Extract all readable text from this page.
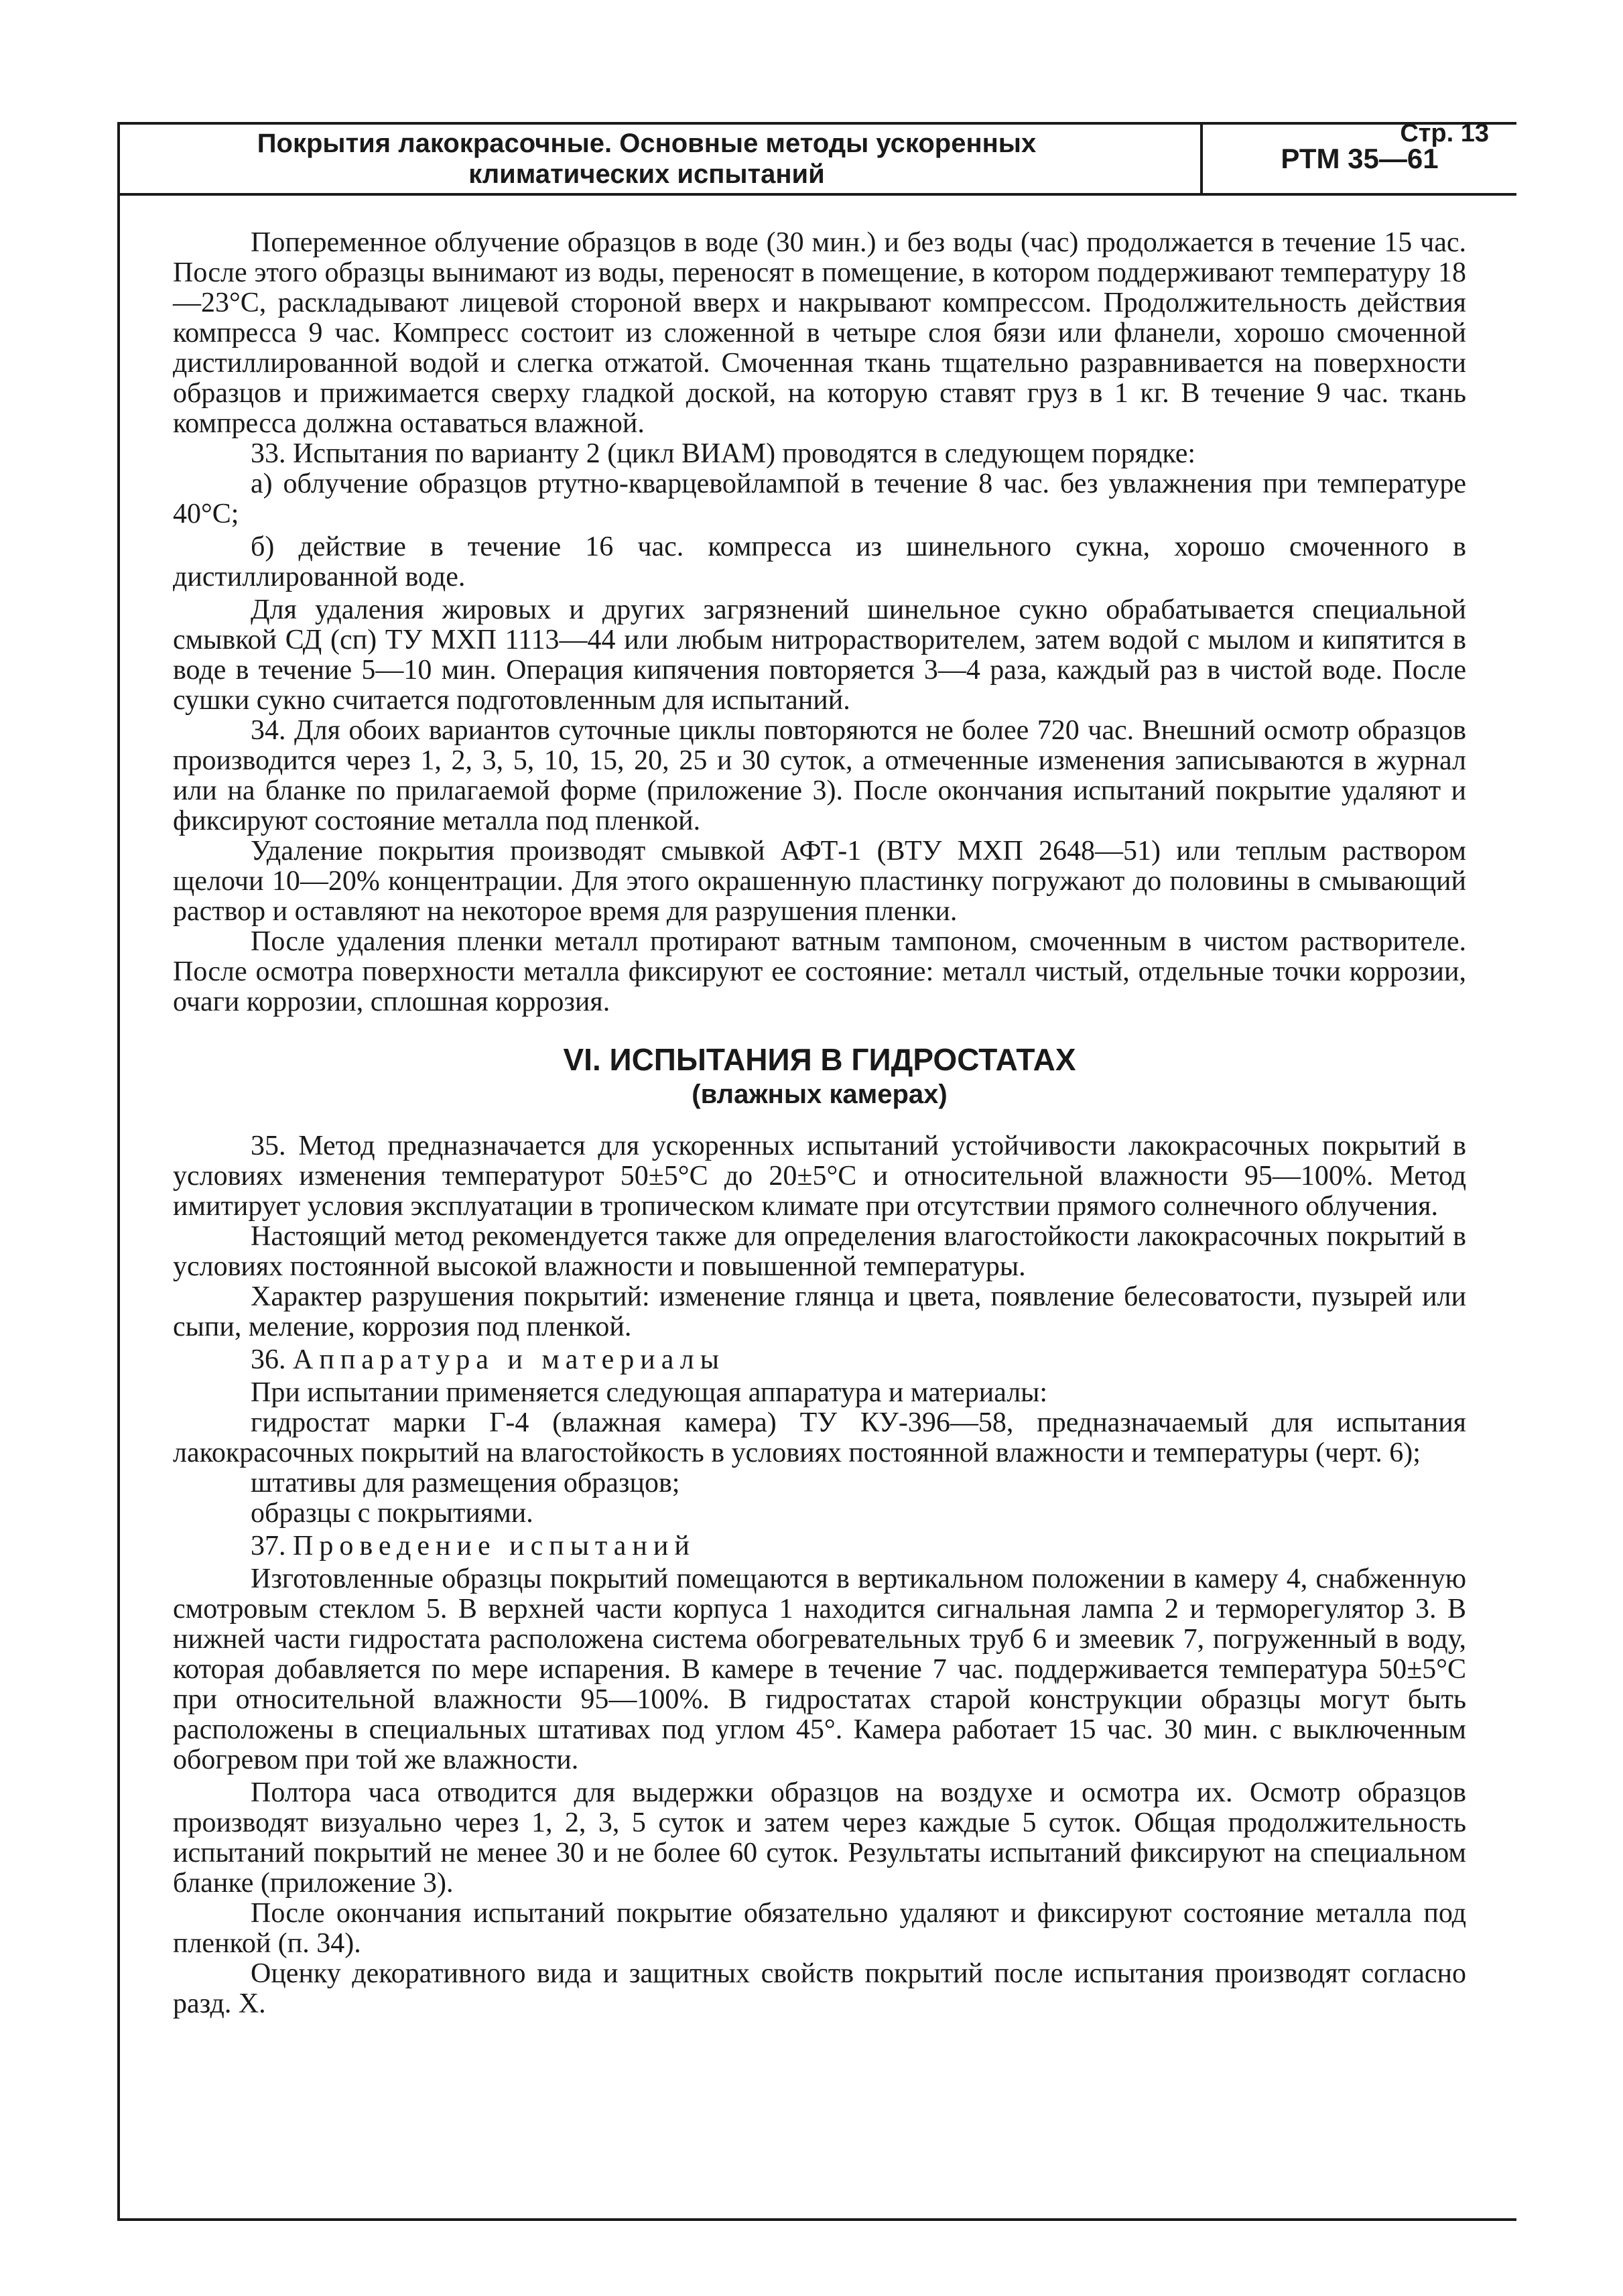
Стр. 13
Покрытия лакокрасочные. Основные методы ускоренных
климатических испытаний	РТМ 35—61

Попеременное облучение образцов в воде (30 мин.) и без воды (час) продолжается в течение 15 час. После этого образцы вынимают из воды, переносят в помещение, в котором поддерживают температуру 18—23°С, раскладывают лицевой стороной вверх и накрывают компрессом. Продолжительность действия компресса 9 час. Компресс состоит из сложенной в четыре слоя бязи или фланели, хорошо смоченной дистиллированной водой и слегка отжатой. Смоченная ткань тщательно разравнивается на поверхности образцов и прижимается сверху гладкой доской, на которую ставят груз в 1 кг. В течение 9 час. ткань компресса должна оставаться влажной.

33. Испытания по варианту 2 (цикл ВИАМ) проводятся в следующем порядке:

а) облучение образцов ртутно-кварцевойлампой в течение 8 час. без увлажнения при температуре 40°С;

б) действие в течение 16 час. компресса из шинельного сукна, хорошо смоченного в дистиллированной воде.

Для удаления жировых и других загрязнений шинельное сукно обрабатывается специальной смывкой СД (сп) ТУ МХП 1113—44 или любым нитрорастворителем, затем водой с мылом и кипятится в воде в течение 5—10 мин. Операция кипячения повторяется 3—4 раза, каждый раз в чистой воде. После сушки сукно считается подготовленным для испытаний.

34. Для обоих вариантов суточные циклы повторяются не более 720 час. Внешний осмотр образцов производится через 1, 2, 3, 5, 10, 15, 20, 25 и 30 суток, а отмеченные изменения записываются в журнал или на бланке по прилагаемой форме (приложение 3). После окончания испытаний покрытие удаляют и фиксируют состояние металла под пленкой.

Удаление покрытия производят смывкой АФТ-1 (ВТУ МХП 2648—51) или теплым раствором щелочи 10—20% концентрации. Для этого окрашенную пластинку погружают до половины в смывающий раствор и оставляют на некоторое время для разрушения пленки.

После удаления пленки металл протирают ватным тампоном, смоченным в чистом растворителе. После осмотра поверхности металла фиксируют ее состояние: металл чистый, отдельные точки коррозии, очаги коррозии, сплошная коррозия.

VI. ИСПЫТАНИЯ В ГИДРОСТАТАХ
(влажных камерах)

35. Метод предназначается для ускоренных испытаний устойчивости лакокрасочных покрытий в условиях изменения температурот 50±5°С до 20±5°С и относительной влажности 95—100%. Метод имитирует условия эксплуатации в тропическом климате при отсутствии прямого солнечного облучения.

Настоящий метод рекомендуется также для определения влагостойкости лакокрасочных покрытий в условиях постоянной высокой влажности и повышенной температуры.

Характер разрушения покрытий: изменение глянца и цвета, появление белесоватости, пузырей или сыпи, меление, коррозия под пленкой.

36. Аппаратура и материалы

При испытании применяется следующая аппаратура и материалы:

гидростат марки Г-4 (влажная камера) ТУ КУ-396—58, предназначаемый для испытания лакокрасочных покрытий на влагостойкость в условиях постоянной влажности и температуры (черт. 6);

штативы для размещения образцов;

образцы с покрытиями.

37. Проведение испытаний

Изготовленные образцы покрытий помещаются в вертикальном положении в камеру 4, снабженную смотровым стеклом 5. В верхней части корпуса 1 находится сигнальная лампа 2 и терморегулятор 3. В нижней части гидростата расположена система обогревательных труб 6 и змеевик 7, погруженный в воду, которая добавляется по мере испарения. В камере в течение 7 час. поддерживается температура 50±5°С при относительной влажности 95—100%. В гидростатах старой конструкции образцы могут быть расположены в специальных штативах под углом 45°. Камера работает 15 час. 30 мин. с выключенным обогревом при той же влажности.

Полтора часа отводится для выдержки образцов на воздухе и осмотра их. Осмотр образцов производят визуально через 1, 2, 3, 5 суток и затем через каждые 5 суток. Общая продолжительность испытаний покрытий не менее 30 и не более 60 суток. Результаты испытаний фиксируют на специальном бланке (приложение 3).

После окончания испытаний покрытие обязательно удаляют и фиксируют состояние металла под пленкой (п. 34).

Оценку декоративного вида и защитных свойств покрытий после испытания производят согласно разд. X.
